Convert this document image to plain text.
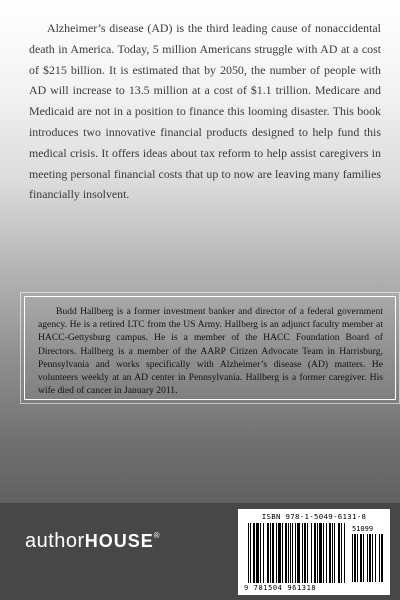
Alzheimer’s disease (AD) is the third leading cause of nonaccidental death in America. Today, 5 million Americans struggle with AD at a cost of $215 billion. It is estimated that by 2050, the number of people with AD will increase to 13.5 million at a cost of $1.1 trillion. Medicare and Medicaid are not in a position to finance this looming disaster. This book introduces two innovative financial products designed to help fund this medical crisis. It offers ideas about tax reform to help assist caregivers in meeting personal financial costs that up to now are leaving many families financially insolvent.

Budd Hallberg is a former investment banker and director of a federal government agency. He is a retired LTC from the US Army. Hallberg is an adjunct faculty member at HACC-Gettysburg campus. He is a member of the HACC Foundation Board of Directors. Hallberg is a member of the AARP Citizen Advocate Team in Harrisburg, Pennsylvania and works specifically with Alzheimer’s disease (AD) matters. He volunteers weekly at an AD center in Pennsylvania. Hallberg is a former caregiver. His wife died of cancer in January 2011.

authorHOUSE®
ISBN 978-1-5049-6131-8
51099
9 781504 961318
